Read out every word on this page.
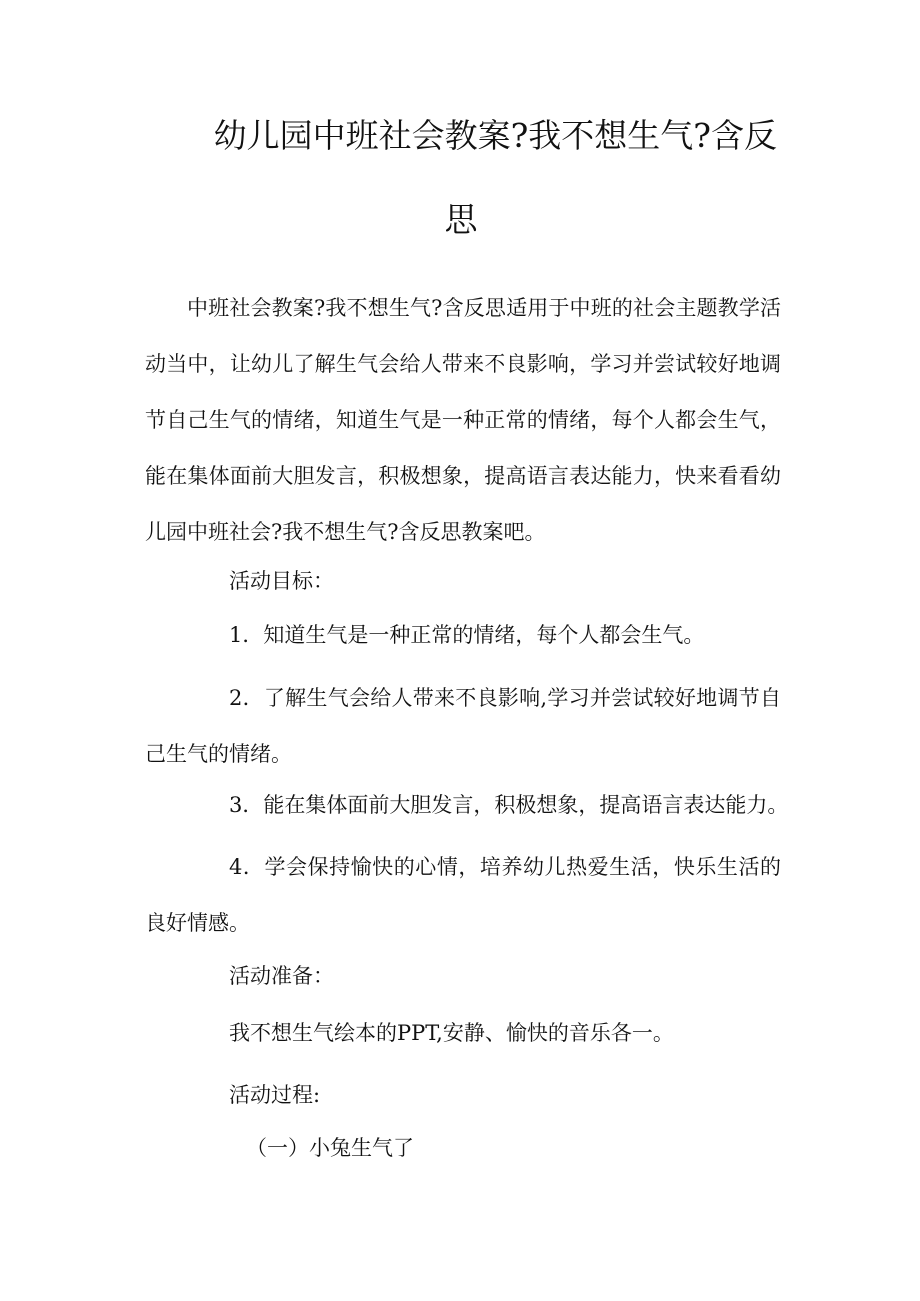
幼儿园中班社会教案?我不想生气?含反
思

中班社会教案?我不想生气?含反思适用于中班的社会主题教学活动当中，让幼儿了解生气会给人带来不良影响，学习并尝试较好地调节自己生气的情绪，知道生气是一种正常的情绪，每个人都会生气，能在集体面前大胆发言，积极想象，提高语言表达能力，快来看看幼儿园中班社会?我不想生气?含反思教案吧。

活动目标：

1．知道生气是一种正常的情绪，每个人都会生气。

2．了解生气会给人带来不良影响,学习并尝试较好地调节自己生气的情绪。

3．能在集体面前大胆发言，积极想象，提高语言表达能力。

4．学会保持愉快的心情，培养幼儿热爱生活，快乐生活的良好情感。

活动准备：

我不想生气绘本的PPT,安静、愉快的音乐各一。

活动过程:

（一）小兔生气了
